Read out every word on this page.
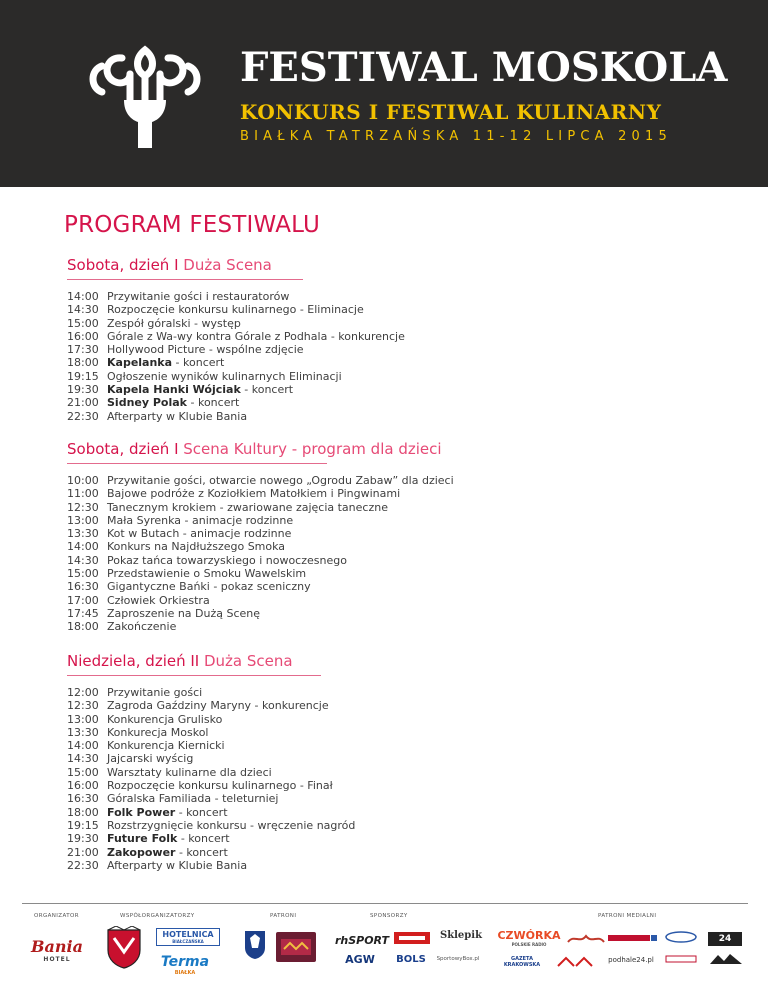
FESTIWAL MOSKOLA
KONKURS I FESTIWAL KULINARNY
BIAŁKA TATRZAŃSKA 11-12 LIPCA 2015
PROGRAM FESTIWALU
Sobota, dzień I Duża Scena
14:00 Przywitanie gości i restauratorów
14:30 Rozpoczęcie konkursu kulinarnego - Eliminacje
15:00 Zespół góralski - występ
16:00 Górale z Wa-wy kontra Górale z Podhala - konkurencje
17:30 Hollywood Picture - wspólne zdjęcie
18:00 Kapelanka - koncert
19:15 Ogłoszenie wyników kulinarnych Eliminacji
19:30 Kapela Hanki Wójciak - koncert
21:00 Sidney Polak - koncert
22:30 Afterparty w Klubie Bania
Sobota, dzień I Scena Kultury - program dla dzieci
10:00 Przywitanie gości, otwarcie nowego „Ogrodu Zabaw” dla dzieci
11:00 Bajowe podróże z Koziołkiem Matołkiem i Pingwinami
12:30 Tanecznym krokiem - zwariowane zajęcia taneczne
13:00 Mała Syrenka - animacje rodzinne
13:30 Kot w Butach - animacje rodzinne
14:00 Konkurs na Najdłuższego Smoka
14:30 Pokaz tańca towarzyskiego i nowoczesnego
15:00 Przedstawienie o Smoku Wawelskim
16:30 Gigantyczne Bańki - pokaz sceniczny
17:00 Człowiek Orkiestra
17:45 Zaproszenie na Dużą Scenę
18:00 Zakończenie
Niedziela, dzień II Duża Scena
12:00 Przywitanie gości
12:30 Zagroda Gaździny Maryny - konkurencje
13:00 Konkurencja Grulisko
13:30 Konkurecja Moskol
14:00 Konkurencja Kiernicki
14:30 Jajcarski wyścig
15:00 Warsztaty kulinarne dla dzieci
16:00 Rozpoczęcie konkursu kulinarnego - Finał
16:30 Góralska Familiada - teleturniej
18:00 Folk Power - koncert
19:15 Rozstrzygnięcie konkursu - wręczenie nagród
19:30 Future Folk - koncert
21:00 Zakopower - koncert
22:30 Afterparty w Klubie Bania
ORGANIZATOR	WSPÓŁORGANIZATORZY	PATRONI	SPONSORZY	PATRONI MEDIALNI
Bania
HOTEL
HOTELNICA
BIAŁCZAŃSKA
Terma
BIAŁKA
rhSPORT	Sklepik
AGW	BOLS	SportowyBox.pl
CZWÓRKA
POLSKIE RADIO
GAZETA KRAKOWSKA
podhale24.pl
24
